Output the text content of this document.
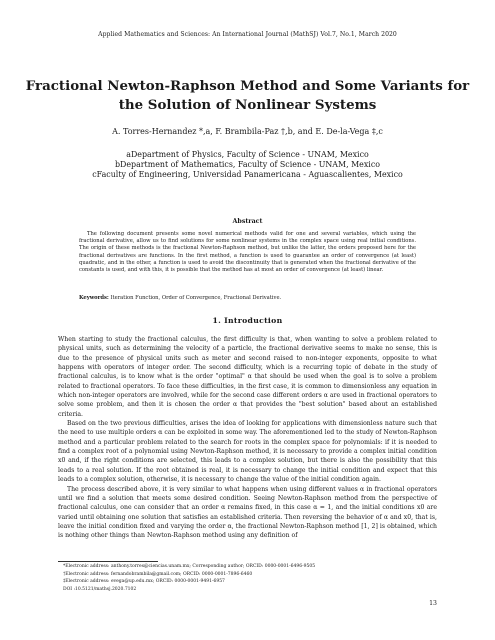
Applied Mathematics and Sciences: An International Journal (MathSJ) Vol.7, No.1, March 2020
Fractional Newton-Raphson Method and Some Variants for the Solution of Nonlinear Systems
A. Torres-Hernandez *,a, F. Brambila-Paz †,b, and E. De-la-Vega ‡,c
aDepartment of Physics, Faculty of Science - UNAM, Mexico
bDepartment of Mathematics, Faculty of Science - UNAM, Mexico
cFaculty of Engineering, Universidad Panamericana - Aguascalientes, Mexico
Abstract
The following document presents some novel numerical methods valid for one and several variables, which using the fractional derivative, allow us to find solutions for some nonlinear systems in the complex space using real initial conditions. The origin of these methods is the fractional Newton-Raphson method, but unlike the latter, the orders proposed here for the fractional derivatives are functions. In the first method, a function is used to guarantee an order of convergence (at least) quadratic, and in the other, a function is used to avoid the discontinuity that is generated when the fractional derivative of the constants is used, and with this, it is possible that the method has at most an order of convergence (at least) linear.
Keywords: Iteration Function, Order of Convergence, Fractional Derivative.
1. Introduction

When starting to study the fractional calculus, the first difficulty is that, when wanting to solve a problem related to physical units, such as determining the velocity of a particle, the fractional derivative seems to make no sense, this is due to the presence of physical units such as meter and second raised to non-integer exponents, opposite to what happens with operators of integer order. The second difficulty, which is a recurring topic of debate in the study of fractional calculus, is to know what is the order "optimal" α that should be used when the goal is to solve a problem related to fractional operators. To face these difficulties, in the first case, it is common to dimensionless any equation in which non-integer operators are involved, while for the second case different orders α are used in fractional operators to solve some problem, and then it is chosen the order α that provides the "best solution" based about an established criteria.

Based on the two previous difficulties, arises the idea of looking for applications with dimensionless nature such that the need to use multiple orders α can be exploited in some way. The aforementioned led to the study of Newton-Raphson method and a particular problem related to the search for roots in the complex space for polynomials: if it is needed to find a complex root of a polynomial using Newton-Raphson method, it is necessary to provide a complex initial condition x0 and, if the right conditions are selected, this leads to a complex solution, but there is also the possibility that this leads to a real solution. If the root obtained is real, it is necessary to change the initial condition and expect that this leads to a complex solution, otherwise, it is necessary to change the value of the initial condition again.

The process described above, it is very similar to what happens when using different values α in fractional operators until we find a solution that meets some desired condition. Seeing Newton-Raphson method from the perspective of fractional calculus, one can consider that an order α remains fixed, in this case α = 1, and the initial conditions x0 are varied until obtaining one solution that satisfies an established criteria. Then reversing the behavior of α and x0, that is, leave the initial condition fixed and varying the order α, the fractional Newton-Raphson method [1, 2] is obtained, which is nothing other things than Newton-Raphson method using any definition of

*Electronic address: anthony.torres@ciencias.unam.mx; Corresponding author; ORCID: 0000-0001-6496-9505
†Electronic address: fernandobrambila@gmail.com; ORCID: 0000-0001-7896-6460
‡Electronic address: evega@up.edu.mx; ORCID: 0000-0001-9491-6957
DOI :10.5121/mathsj.2020.7102
13
